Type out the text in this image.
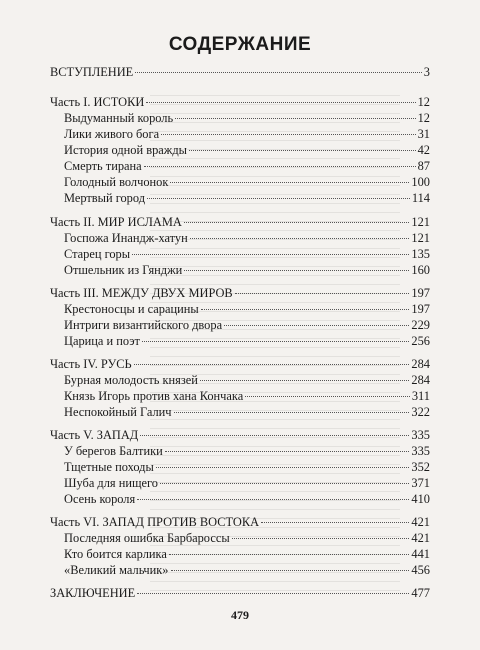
СОДЕРЖАНИЕ
ВСТУПЛЕНИЕ	3
Часть I. ИСТОКИ	12
Выдуманный король	12
Лики живого бога	31
История одной вражды	42
Смерть тирана	87
Голодный волчонок	100
Мертвый город	114
Часть II. МИР ИСЛАМА	121
Госпожа Инандж-хатун	121
Старец горы	135
Отшельник из Гянджи	160
Часть III. МЕЖДУ ДВУХ МИРОВ	197
Крестоносцы и сарацины	197
Интриги византийского двора	229
Царица и поэт	256
Часть IV. РУСЬ	284
Бурная молодость князей	284
Князь Игорь против хана Кончака	311
Неспокойный Галич	322
Часть V. ЗАПАД	335
У берегов Балтики	335
Тщетные походы	352
Шуба для нищего	371
Осень короля	410
Часть VI. ЗАПАД ПРОТИВ ВОСТОКА	421
Последняя ошибка Барбароссы	421
Кто боится карлика	441
«Великий мальчик»	456
ЗАКЛЮЧЕНИЕ	477
479
